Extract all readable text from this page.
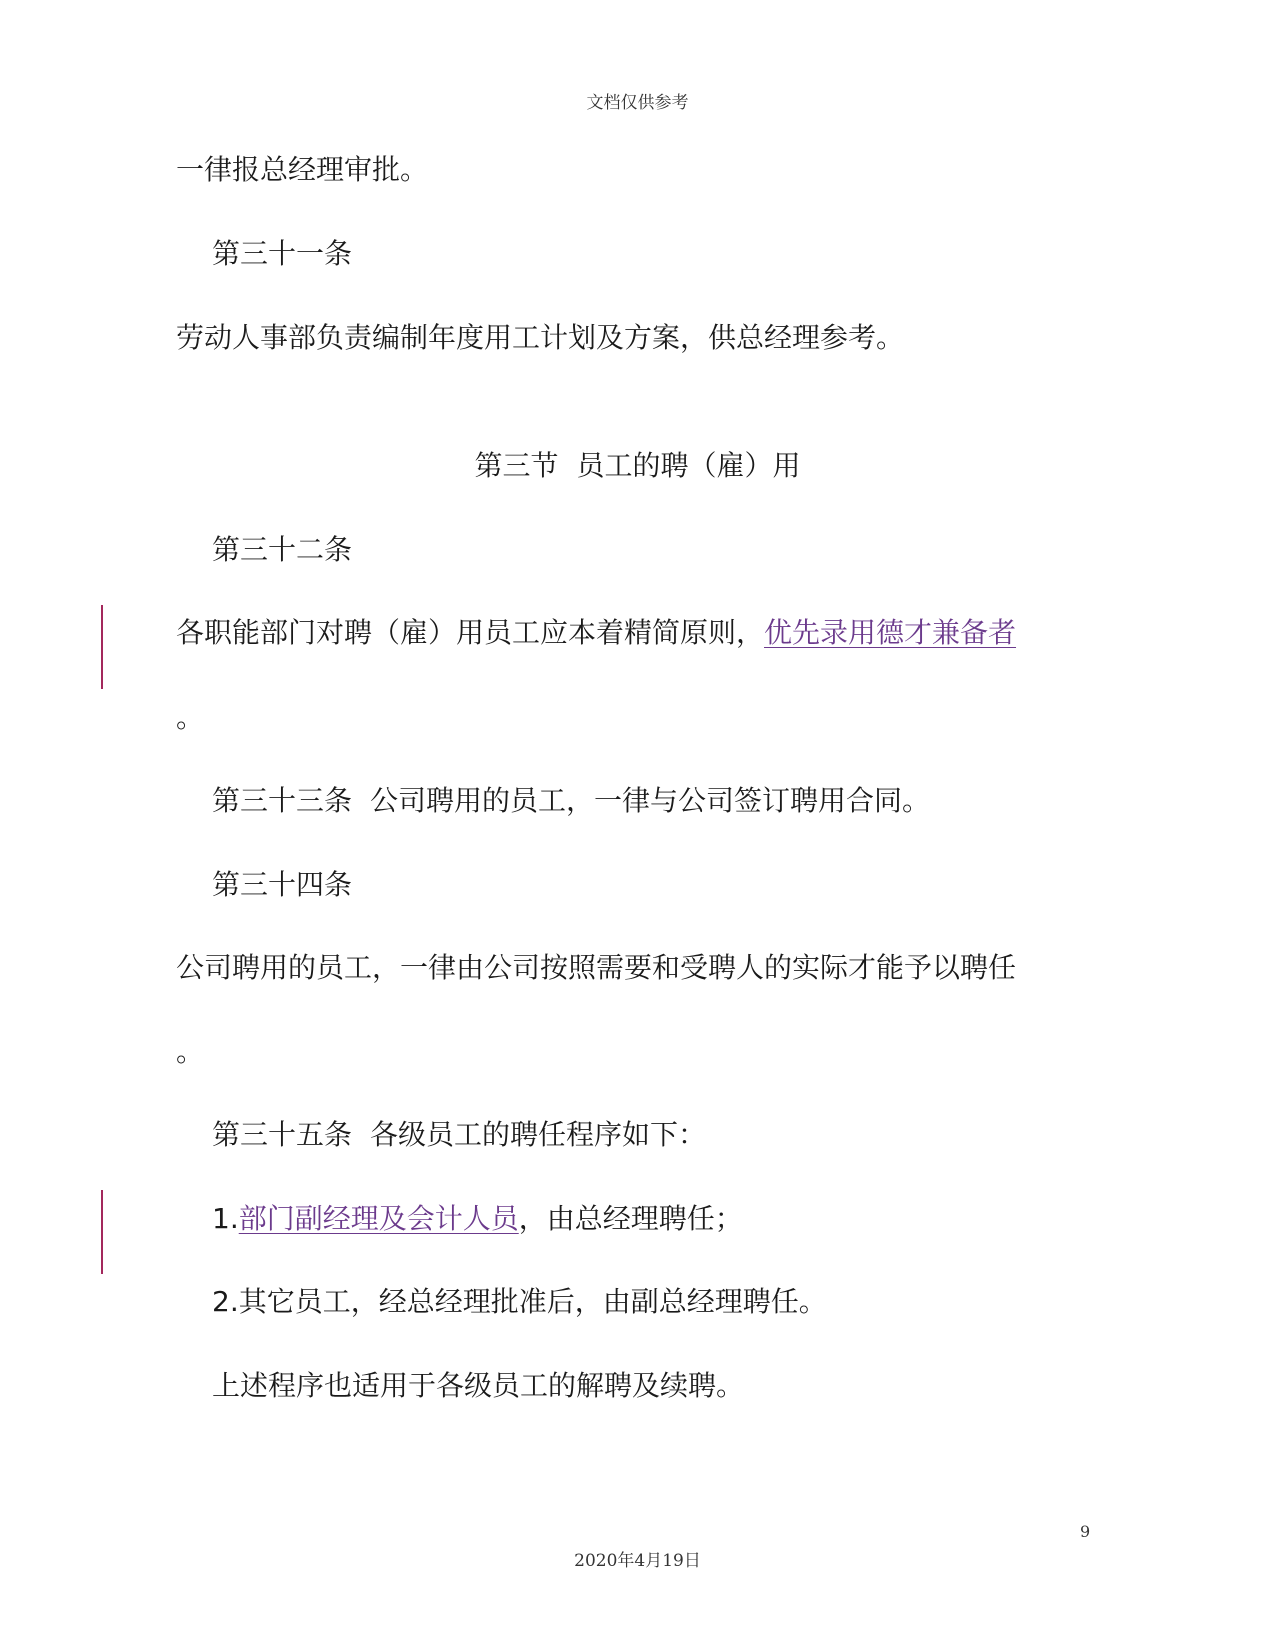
文档仅供参考
一律报总经理审批。
第三十一条
劳动人事部负责编制年度用工计划及方案，供总经理参考。
第三节 员工的聘（雇）用
第三十二条
各职能部门对聘（雇）用员工应本着精简原则，优先录用德才兼备者
。
第三十三条 公司聘用的员工，一律与公司签订聘用合同。
第三十四条
公司聘用的员工，一律由公司按照需要和受聘人的实际才能予以聘任
。
第三十五条 各级员工的聘任程序如下：
1.部门副经理及会计人员，由总经理聘任；
2.其它员工，经总经理批准后，由副总经理聘任。
上述程序也适用于各级员工的解聘及续聘。
9
2020年4月19日
